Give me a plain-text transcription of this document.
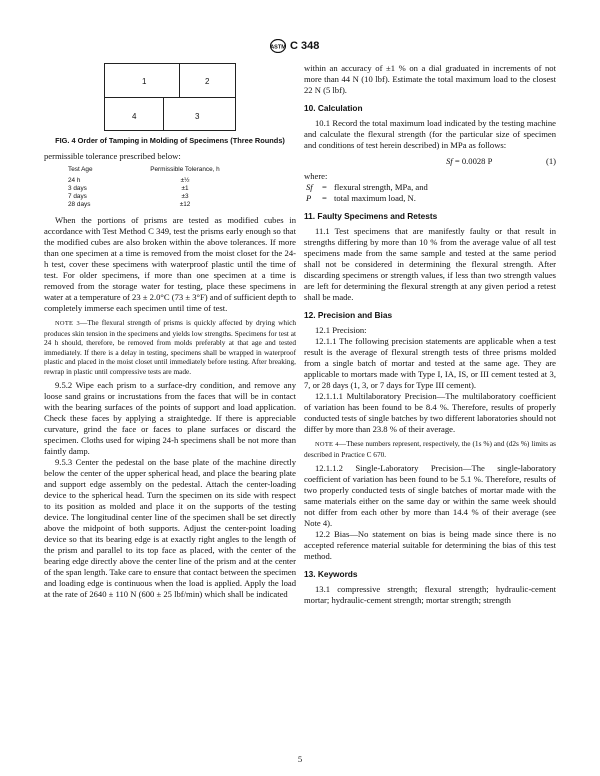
ASTM C 348
1	2
4	3
FIG. 4 Order of Tamping in Molding of Specimens (Three Rounds)

permissible tolerance prescribed below:

Test Age	Permissible Tolerance, h
24 h	±½
3 days	±1
7 days	±3
28 days	±12

When the portions of prisms are tested as modified cubes in accordance with Test Method C 349, test the prisms early enough so that the modified cubes are also broken within the above tolerances. If more than one specimen at a time is removed from the moist closet for the 24-h test, cover these specimens with waterproof plastic until the time of test. For older specimens, if more than one specimen at a time is removed from the storage water for testing, place these specimens in water at a temperature of 23 ± 2.0°C (73 ± 3°F) and of sufficient depth to completely immerse each specimen until time of test.

NOTE 3—The flexural strength of prisms is quickly affected by drying which produces skin tension in the specimens and yields low strengths. Specimens for test at 24 h should, therefore, be removed from molds preferably at that age and tested immediately. If there is a delay in testing, specimens shall be wrapped in waterproof plastic and placed in the moist closet until immediately before testing. After breaking, rewrap in plastic until compressive tests are made.

9.5.2 Wipe each prism to a surface-dry condition, and remove any loose sand grains or incrustations from the faces that will be in contact with the bearing surfaces of the points of support and load application. Check these faces by applying a straightedge. If there is appreciable curvature, grind the face or faces to plane surfaces or discard the specimen. Cloths used for wiping 24-h specimens shall be not more than faintly damp.

9.5.3 Center the pedestal on the base plate of the machine directly below the center of the upper spherical head, and place the bearing plate and support edge assembly on the pedestal. Attach the center-loading device to the spherical head. Turn the specimen on its side with respect to its position as molded and place it on the supports of the testing device. The longitudinal center line of the specimen shall be set directly above the midpoint of both supports. Adjust the center-point loading device so that its bearing edge is at exactly right angles to the length of the prism and parallel to its top face as placed, with the center of the bearing edge directly above the center line of the prism and at the center of the span length. Take care to ensure that contact between the specimen and loading edge is continuous when the load is applied. Apply the load at the rate of 2640 ± 110 N (600 ± 25 lbf/min) which shall be indicated

within an accuracy of ±1 % on a dial graduated in increments of not more than 44 N (10 lbf). Estimate the total maximum load to the closest 22 N (5 lbf).

10. Calculation

10.1 Record the total maximum load indicated by the testing machine and calculate the flexural strength (for the particular size of specimen and conditions of test herein described) in MPa as follows:

Sf = 0.0028 P	(1)

where:

Sf	=	flexural strength, MPa, and
P	=	total maximum load, N.
11. Faulty Specimens and Retests

11.1 Test specimens that are manifestly faulty or that result in strengths differing by more than 10 % from the average value of all test specimens made from the same sample and tested at the same period shall not be considered in determining the flexural strength. After discarding specimens or strength values, if less than two strength values are left for determining the flexural strength at any given period a retest shall be made.

12. Precision and Bias

12.1 Precision:

12.1.1 The following precision statements are applicable when a test result is the average of flexural strength tests of three prisms molded from a single batch of mortar and tested at the same age. They are applicable to mortars made with Type I, IA, IS, or III cement tested at 3, 7, or 28 days (1, 3, or 7 days for Type III cement).

12.1.1.1 Multilaboratory Precision—The multilaboratory coefficient of variation has been found to be 8.4 %. Therefore, results of properly conducted tests of single batches by two different laboratories should not differ by more than 23.8 % of their average.

NOTE 4—These numbers represent, respectively, the (1s %) and (d2s %) limits as described in Practice C 670.

12.1.1.2 Single-Laboratory Precision—The single-laboratory coefficient of variation has been found to be 5.1 %. Therefore, results of two properly conducted tests of single batches of mortar made with the same materials either on the same day or within the same week should not differ from each other by more than 14.4 % of their average (see Note 4).

12.2 Bias—No statement on bias is being made since there is no accepted reference material suitable for determining the bias of this test method.

13. Keywords

13.1 compressive strength; flexural strength; hydraulic-cement mortar; hydraulic-cement strength; mortar strength; strength

5
